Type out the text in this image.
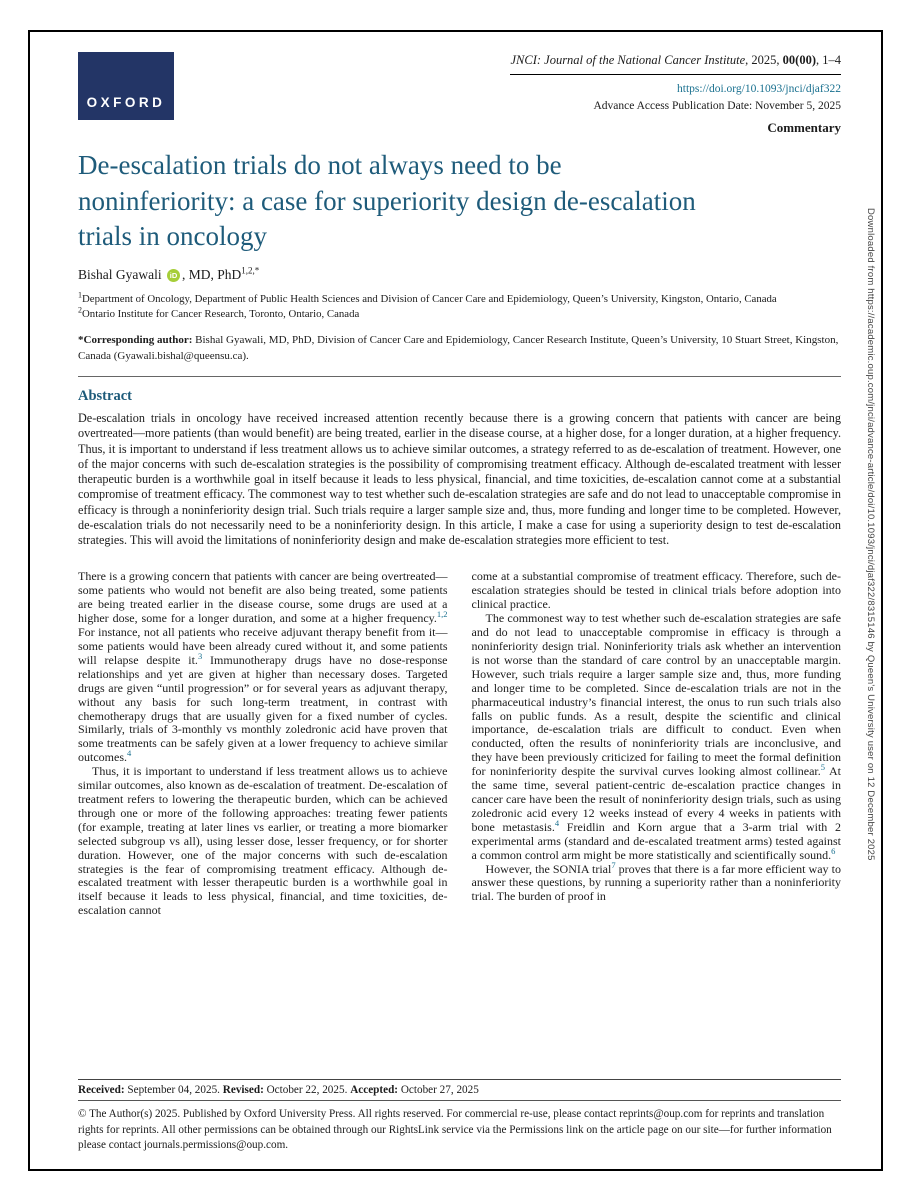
Downloaded from https://academic.oup.com/jnci/advance-article/doi/10.1093/jnci/djaf322/8315146 by Queen's University user on 12 December 2025
OXFORD
JNCI: Journal of the National Cancer Institute, 2025, 00(00), 1–4
https://doi.org/10.1093/jnci/djaf322
Advance Access Publication Date: November 5, 2025
Commentary
De-escalation trials do not always need to be
noninferiority: a case for superiority design de-escalation
trials in oncology
Bishal Gyawali iD , MD, PhD$^{1,2,*}$
$^1$Department of Oncology, Department of Public Health Sciences and Division of Cancer Care and Epidemiology, Queen’s University, Kingston, Ontario, Canada
$^2$Ontario Institute for Cancer Research, Toronto, Ontario, Canada

*Corresponding author: Bishal Gyawali, MD, PhD, Division of Cancer Care and Epidemiology, Cancer Research Institute, Queen’s University, 10 Stuart Street, Kingston, Canada (Gyawali.bishal@queensu.ca).

Abstract

De-escalation trials in oncology have received increased attention recently because there is a growing concern that patients with cancer are being overtreated—more patients (than would benefit) are being treated, earlier in the disease course, at a higher dose, for a longer duration, at a higher frequency. Thus, it is important to understand if less treatment allows us to achieve similar outcomes, a strategy referred to as de-escalation of treatment. However, one of the major concerns with such de-escalation strategies is the possibility of compromising treatment efficacy. Although de-escalated treatment with lesser therapeutic burden is a worthwhile goal in itself because it leads to less physical, financial, and time toxicities, de-escalation cannot come at a substantial compromise of treatment efficacy. The commonest way to test whether such de-escalation strategies are safe and do not lead to unacceptable compromise in efficacy is through a noninferiority design trial. Such trials require a larger sample size and, thus, more funding and longer time to be completed. However, de-escalation trials do not necessarily need to be a noninferiority design. In this article, I make a case for using a superiority design to test de-escalation strategies. This will avoid the limitations of noninferiority design and make de-escalation strategies more efficient to test.

There is a growing concern that patients with cancer are being overtreated—some patients who would not benefit are also being treated, some patients are being treated earlier in the disease course, some drugs are used at a higher dose, some for a longer duration, and some at a higher frequency.$^{1,2}$ For instance, not all patients who receive adjuvant therapy benefit from it—some patients would have been already cured without it, and some patients will relapse despite it.$^3$ Immunotherapy drugs have no dose-response relationships and yet are given at higher than necessary doses. Targeted drugs are given “until progression” or for several years as adjuvant therapy, without any basis for such long-term treatment, in contrast with chemotherapy drugs that are usually given for a fixed number of cycles. Similarly, trials of 3-monthly vs monthly zoledronic acid have proven that some treatments can be safely given at a lower frequency to achieve similar outcomes.$^4$

Thus, it is important to understand if less treatment allows us to achieve similar outcomes, also known as de-escalation of treatment. De-escalation of treatment refers to lowering the therapeutic burden, which can be achieved through one or more of the following approaches: treating fewer patients (for example, treating at later lines vs earlier, or treating a more biomarker selected subgroup vs all), using lesser dose, lesser frequency, or for shorter duration. However, one of the major concerns with such de-escalation strategies is the fear of compromising treatment efficacy. Although de-escalated treatment with lesser therapeutic burden is a worthwhile goal in itself because it leads to less physical, financial, and time toxicities, de-escalation cannot

come at a substantial compromise of treatment efficacy. Therefore, such de-escalation strategies should be tested in clinical trials before adoption into clinical practice.

The commonest way to test whether such de-escalation strategies are safe and do not lead to unacceptable compromise in efficacy is through a noninferiority design trial. Noninferiority trials ask whether an intervention is not worse than the standard of care control by an unacceptable margin. However, such trials require a larger sample size and, thus, more funding and longer time to be completed. Since de-escalation trials are not in the pharmaceutical industry’s financial interest, the onus to run such trials also falls on public funds. As a result, despite the scientific and clinical importance, de-escalation trials are difficult to conduct. Even when conducted, often the results of noninferiority trials are inconclusive, and they have been previously criticized for failing to meet the formal definition for noninferiority despite the survival curves looking almost collinear.$^5$ At the same time, several patient-centric de-escalation practice changes in cancer care have been the result of noninferiority design trials, such as using zoledronic acid every 12 weeks instead of every 4 weeks in patients with bone metastasis.$^4$ Freidlin and Korn argue that a 3-arm trial with 2 experimental arms (standard and de-escalated treatment arms) tested against a common control arm might be more statistically and scientifically sound.$^6$

However, the SONIA trial$^7$ proves that there is a far more efficient way to answer these questions, by running a superiority rather than a noninferiority trial. The burden of proof in

Received: September 04, 2025. Revised: October 22, 2025. Accepted: October 27, 2025

© The Author(s) 2025. Published by Oxford University Press. All rights reserved. For commercial re-use, please contact reprints@oup.com for reprints and translation rights for reprints. All other permissions can be obtained through our RightsLink service via the Permissions link on the article page on our site—for further information please contact journals.permissions@oup.com.
